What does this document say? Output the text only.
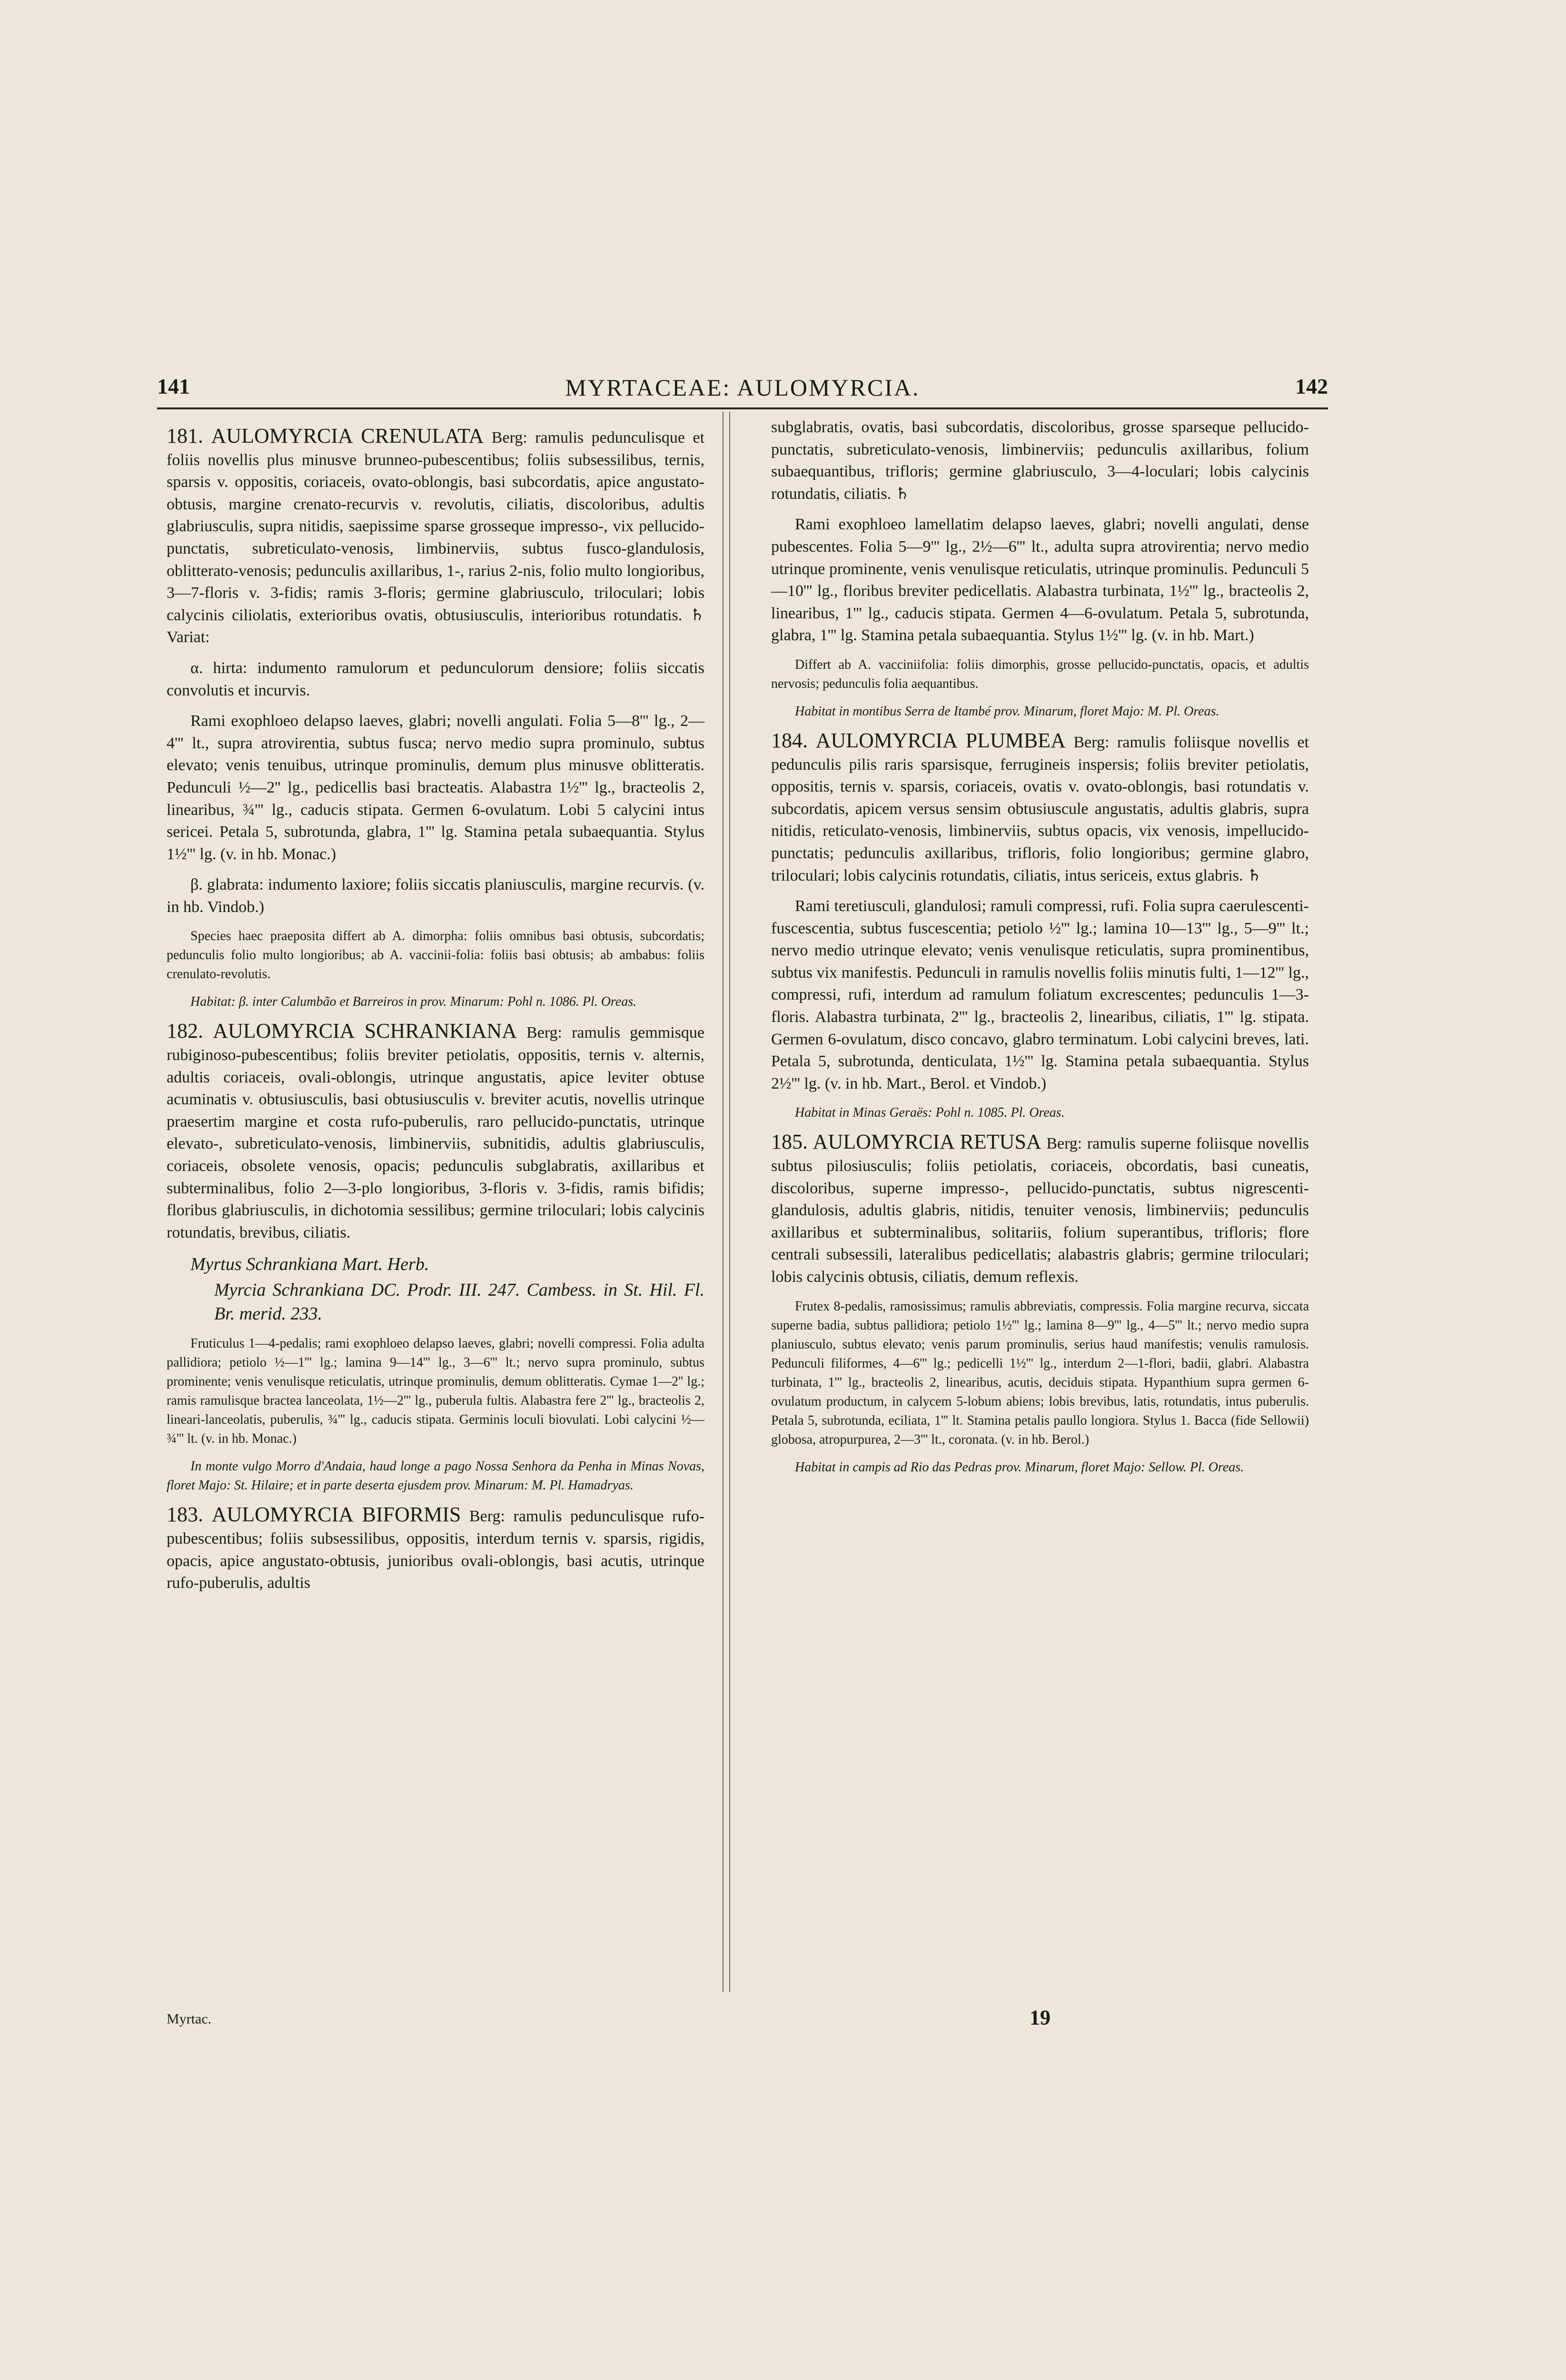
141	MYRTACEAE: AULOMYRCIA.	142

181. AULOMYRCIA CRENULATA Berg: ramulis pedunculisque et foliis novellis plus minusve brunneo-pubescentibus; foliis subsessilibus, ternis, sparsis v. oppositis, coriaceis, ovato-oblongis, basi subcordatis, apice angustato-obtusis, margine crenato-recurvis v. revolutis, ciliatis, discoloribus, adultis glabriusculis, supra nitidis, saepissime sparse grosseque impresso-, vix pellucido-punctatis, subreticulato-venosis, limbinerviis, subtus fusco-glandulosis, oblitterato-venosis; pedunculis axillaribus, 1-, rarius 2-nis, folio multo longioribus, 3—7-floris v. 3-fidis; ramis 3-floris; germine glabriusculo, triloculari; lobis calycinis ciliolatis, exterioribus ovatis, obtusiusculis, interioribus rotundatis. ♄ Variat:

α. hirta: indumento ramulorum et pedunculorum densiore; foliis siccatis convolutis et incurvis.

Rami exophloeo delapso laeves, glabri; novelli angulati. Folia 5—8''' lg., 2—4''' lt., supra atrovirentia, subtus fusca; nervo medio supra prominulo, subtus elevato; venis tenuibus, utrinque prominulis, demum plus minusve oblitteratis. Pedunculi ½—2'' lg., pedicellis basi bracteatis. Alabastra 1½''' lg., bracteolis 2, linearibus, ¾''' lg., caducis stipata. Germen 6-ovulatum. Lobi 5 calycini intus sericei. Petala 5, subrotunda, glabra, 1''' lg. Stamina petala subaequantia. Stylus 1½''' lg. (v. in hb. Monac.)

β. glabrata: indumento laxiore; foliis siccatis planiusculis, margine recurvis. (v. in hb. Vindob.)

Species haec praeposita differt ab A. dimorpha: foliis omnibus basi obtusis, subcordatis; pedunculis folio multo longioribus; ab A. vaccinii-folia: foliis basi obtusis; ab ambabus: foliis crenulato-revolutis.

Habitat: β. inter Calumbão et Barreiros in prov. Minarum: Pohl n. 1086. Pl. Oreas.

182. AULOMYRCIA SCHRANKIANA Berg: ramulis gemmisque rubiginoso-pubescentibus; foliis breviter petiolatis, oppositis, ternis v. alternis, adultis coriaceis, ovali-oblongis, utrinque angustatis, apice leviter obtuse acuminatis v. obtusiusculis, basi obtusiusculis v. breviter acutis, novellis utrinque praesertim margine et costa rufo-puberulis, raro pellucido-punctatis, utrinque elevato-, subreticulato-venosis, limbinerviis, subnitidis, adultis glabriusculis, coriaceis, obsolete venosis, opacis; pedunculis subglabratis, axillaribus et subterminalibus, folio 2—3-plo longioribus, 3-floris v. 3-fidis, ramis bifidis; floribus glabriusculis, in dichotomia sessilibus; germine triloculari; lobis calycinis rotundatis, brevibus, ciliatis.

Myrtus Schrankiana Mart. Herb.

Myrcia Schrankiana DC. Prodr. III. 247. Cambess. in St. Hil. Fl. Br. merid. 233.

Fruticulus 1—4-pedalis; rami exophloeo delapso laeves, glabri; novelli compressi. Folia adulta pallidiora; petiolo ½—1''' lg.; lamina 9—14''' lg., 3—6''' lt.; nervo supra prominulo, subtus prominente; venis venulisque reticulatis, utrinque prominulis, demum oblitteratis. Cymae 1—2'' lg.; ramis ramulisque bractea lanceolata, 1½—2''' lg., puberula fultis. Alabastra fere 2''' lg., bracteolis 2, lineari-lanceolatis, puberulis, ¾''' lg., caducis stipata. Germinis loculi biovulati. Lobi calycini ½—¾''' lt. (v. in hb. Monac.)

In monte vulgo Morro d'Andaia, haud longe a pago Nossa Senhora da Penha in Minas Novas, floret Majo: St. Hilaire; et in parte deserta ejusdem prov. Minarum: M. Pl. Hamadryas.

183. AULOMYRCIA BIFORMIS Berg: ramulis pedunculisque rufo-pubescentibus; foliis subsessilibus, oppositis, interdum ternis v. sparsis, rigidis, opacis, apice angustato-obtusis, junioribus ovali-oblongis, basi acutis, utrinque rufo-puberulis, adultis

subglabratis, ovatis, basi subcordatis, discoloribus, grosse sparseque pellucido-punctatis, subreticulato-venosis, limbinerviis; pedunculis axillaribus, folium subaequantibus, trifloris; germine glabriusculo, 3—4-loculari; lobis calycinis rotundatis, ciliatis. ♄

Rami exophloeo lamellatim delapso laeves, glabri; novelli angulati, dense pubescentes. Folia 5—9''' lg., 2½—6''' lt., adulta supra atrovirentia; nervo medio utrinque prominente, venis venulisque reticulatis, utrinque prominulis. Pedunculi 5—10''' lg., floribus breviter pedicellatis. Alabastra turbinata, 1½''' lg., bracteolis 2, linearibus, 1''' lg., caducis stipata. Germen 4—6-ovulatum. Petala 5, subrotunda, glabra, 1''' lg. Stamina petala subaequantia. Stylus 1½''' lg. (v. in hb. Mart.)

Differt ab A. vacciniifolia: foliis dimorphis, grosse pellucido-punctatis, opacis, et adultis nervosis; pedunculis folia aequantibus.

Habitat in montibus Serra de Itambé prov. Minarum, floret Majo: M. Pl. Oreas.

184. AULOMYRCIA PLUMBEA Berg: ramulis foliisque novellis et pedunculis pilis raris sparsisque, ferrugineis inspersis; foliis breviter petiolatis, oppositis, ternis v. sparsis, coriaceis, ovatis v. ovato-oblongis, basi rotundatis v. subcordatis, apicem versus sensim obtusiuscule angustatis, adultis glabris, supra nitidis, reticulato-venosis, limbinerviis, subtus opacis, vix venosis, impellucido-punctatis; pedunculis axillaribus, trifloris, folio longioribus; germine glabro, triloculari; lobis calycinis rotundatis, ciliatis, intus sericeis, extus glabris. ♄

Rami teretiusculi, glandulosi; ramuli compressi, rufi. Folia supra caerulescenti-fuscescentia, subtus fuscescentia; petiolo ½''' lg.; lamina 10—13''' lg., 5—9''' lt.; nervo medio utrinque elevato; venis venulisque reticulatis, supra prominentibus, subtus vix manifestis. Pedunculi in ramulis novellis foliis minutis fulti, 1—12''' lg., compressi, rufi, interdum ad ramulum foliatum excrescentes; pedunculis 1—3-floris. Alabastra turbinata, 2''' lg., bracteolis 2, linearibus, ciliatis, 1''' lg. stipata. Germen 6-ovulatum, disco concavo, glabro terminatum. Lobi calycini breves, lati. Petala 5, subrotunda, denticulata, 1½''' lg. Stamina petala subaequantia. Stylus 2½''' lg. (v. in hb. Mart., Berol. et Vindob.)

Habitat in Minas Geraës: Pohl n. 1085. Pl. Oreas.

185. AULOMYRCIA RETUSA Berg: ramulis superne foliisque novellis subtus pilosiusculis; foliis petiolatis, coriaceis, obcordatis, basi cuneatis, discoloribus, superne impresso-, pellucido-punctatis, subtus nigrescenti-glandulosis, adultis glabris, nitidis, tenuiter venosis, limbinerviis; pedunculis axillaribus et subterminalibus, solitariis, folium superantibus, trifloris; flore centrali subsessili, lateralibus pedicellatis; alabastris glabris; germine triloculari; lobis calycinis obtusis, ciliatis, demum reflexis.

Frutex 8-pedalis, ramosissimus; ramulis abbreviatis, compressis. Folia margine recurva, siccata superne badia, subtus pallidiora; petiolo 1½''' lg.; lamina 8—9''' lg., 4—5''' lt.; nervo medio supra planiusculo, subtus elevato; venis parum prominulis, serius haud manifestis; venulis ramulosis. Pedunculi filiformes, 4—6''' lg.; pedicelli 1½''' lg., interdum 2—1-flori, badii, glabri. Alabastra turbinata, 1''' lg., bracteolis 2, linearibus, acutis, deciduis stipata. Hypanthium supra germen 6-ovulatum productum, in calycem 5-lobum abiens; lobis brevibus, latis, rotundatis, intus puberulis. Petala 5, subrotunda, eciliata, 1''' lt. Stamina petalis paullo longiora. Stylus 1. Bacca (fide Sellowii) globosa, atropurpurea, 2—3''' lt., coronata. (v. in hb. Berol.)

Habitat in campis ad Rio das Pedras prov. Minarum, floret Majo: Sellow. Pl. Oreas.

Myrtac.	19
